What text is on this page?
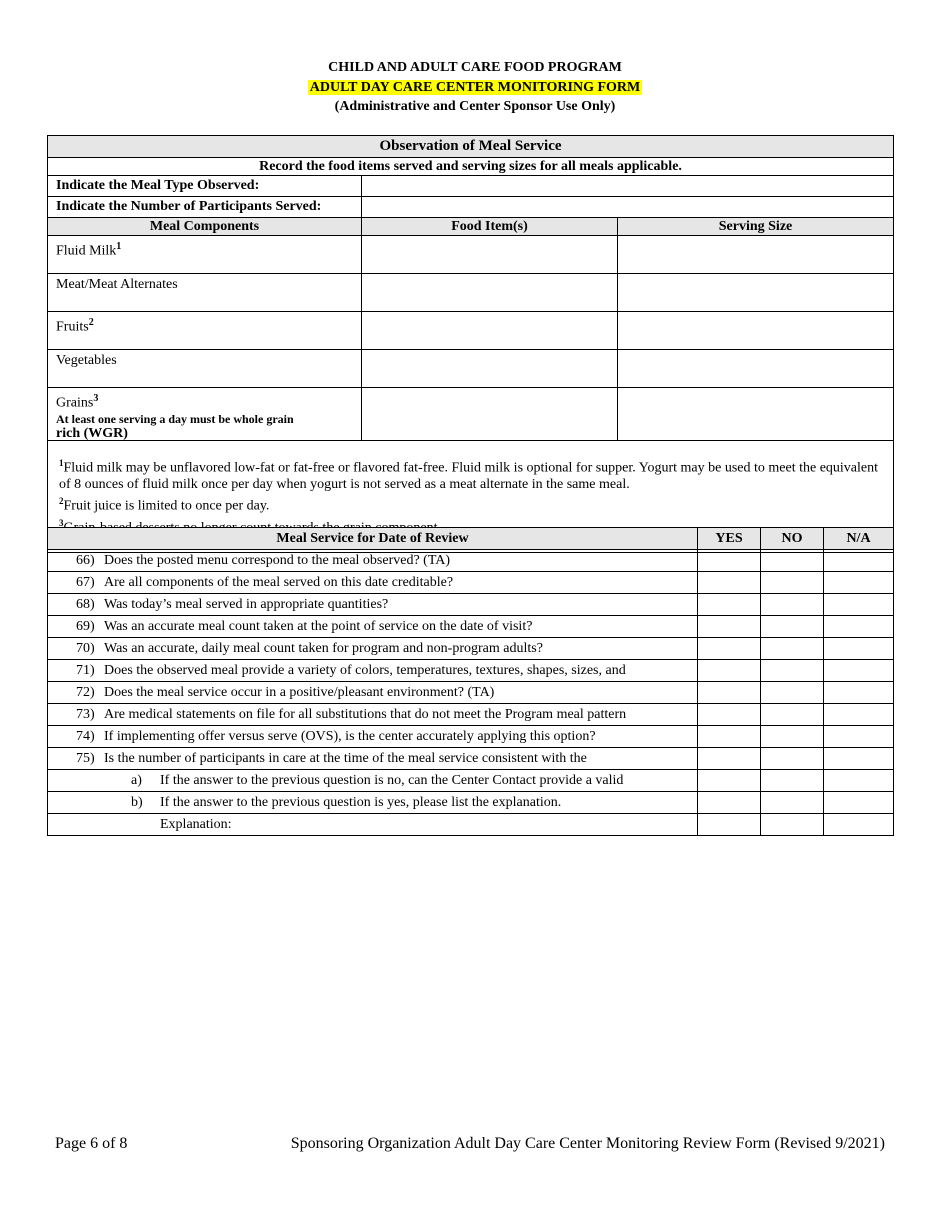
CHILD AND ADULT CARE FOOD PROGRAM
ADULT DAY CARE CENTER MONITORING FORM
(Administrative and Center Sponsor Use Only)
Observation of Meal Service		
Record the food items served and serving sizes for all meals applicable.		
Indicate the Meal Type Observed:		
Indicate the Number of Participants Served:		
Meal Components	Food Item(s)	Serving Size
Fluid Milk$^1$		
Meat/Meat Alternates		
Fruits$^2$		
Vegetables		
Grains$^3$
At least one serving a day must be whole grain
rich (WGR)		

$^1$Fluid milk may be unflavored low-fat or fat-free or flavored fat-free. Fluid milk is optional for supper. Yogurt may be used to meet the equivalent of 8 ounces of fluid milk once per day when yogurt is not served as a meat alternate in the same meal.
$^2$Fruit juice is limited to once per day.
$^3$
Meal Service for Date of Review	YES	NO	N/A
66) Does the posted menu correspond to the meal observed? (TA)			
67) Are all components of the meal served on this date creditable?			
68) Was today’s meal served in appropriate quantities?			
69) Was an accurate meal count taken at the point of service on the date of visit?			
70) Was an accurate, daily meal count taken for program and non-program adults?			
71) Does the observed meal provide a variety of colors, temperatures, textures, shapes, sizes, and			
72) Does the meal service occur in a positive/pleasant environment? (TA)			
73) Are medical statements on file for all substitutions that do not meet the Program meal pattern			
74) If implementing offer versus serve (OVS), is the center accurately applying this option?			
75) Is the number of participants in care at the time of the meal service consistent with the			
a) If the answer to the previous question is no, can the Center Contact provide a valid			
b) If the answer to the previous question is yes, please list the explanation.			
Explanation:			
Page 6 of 8	Sponsoring Organization Adult Day Care Center Monitoring Review Form (Revised 9/2021)
